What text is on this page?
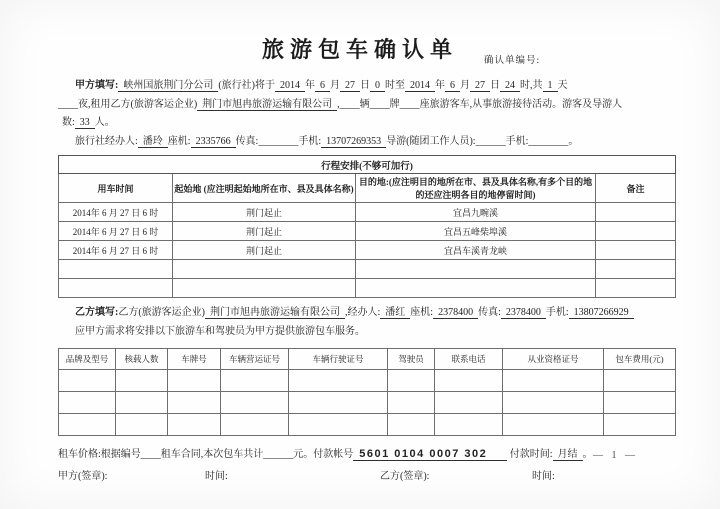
旅游包车确认单	确认单编号:
甲方填写: 峡州国旅荆门分公司 (旅行社)将于 2014 年 6 月 27 日 0 时至 2014 年 6 月 27 日 24 时,共 1 天
____夜,租用乙方(旅游客运企业) 荆门市旭冉旅游运输有限公司 ,____辆____牌____座旅游客车,从事旅游接待活动。游客及导游人
数: 33 人。
旅行社经办人: 潘玲 座机: 2335766 传真:________手机: 13707269353 导游(随团工作人员):______手机:________。
行程安排(不够可加行)			
用车时间	起始地 (应注明起始地所在市、县及具体名称)	目的地:(应注明目的地所在市、县及具体名称,有多个目的地的还应注明各目的地停留时间)	备注
2014年 6 月 27 日 6 时	荆门起止	宜昌九畹溪	
2014年 6 月 27 日 6 时	荆门起止	宜昌五峰柴埠溪	
2014年 6 月 27 日 6 时	荆门起止	宜昌车溪青龙峡	

乙方填写:乙方(旅游客运企业) 荆门市旭冉旅游运输有限公司 ,经办人: 潘红 座机: 2378400 传真: 2378400 手机: 13807266929
应甲方需求将安排以下旅游车和驾驶员为甲方提供旅游包车服务。
品牌及型号	核载人数	车牌号	车辆营运证号	车辆行驶证号	驾驶员	联系电话	从业资格证号	包车费用(元)

租车价格:根据编号____租车合同,本次包车共计______元。付款帐号 5601 0104 0007 302 付款时间: 月结 。
甲方(签章):	时间:	乙方(签章):	时间:
— 1 —
